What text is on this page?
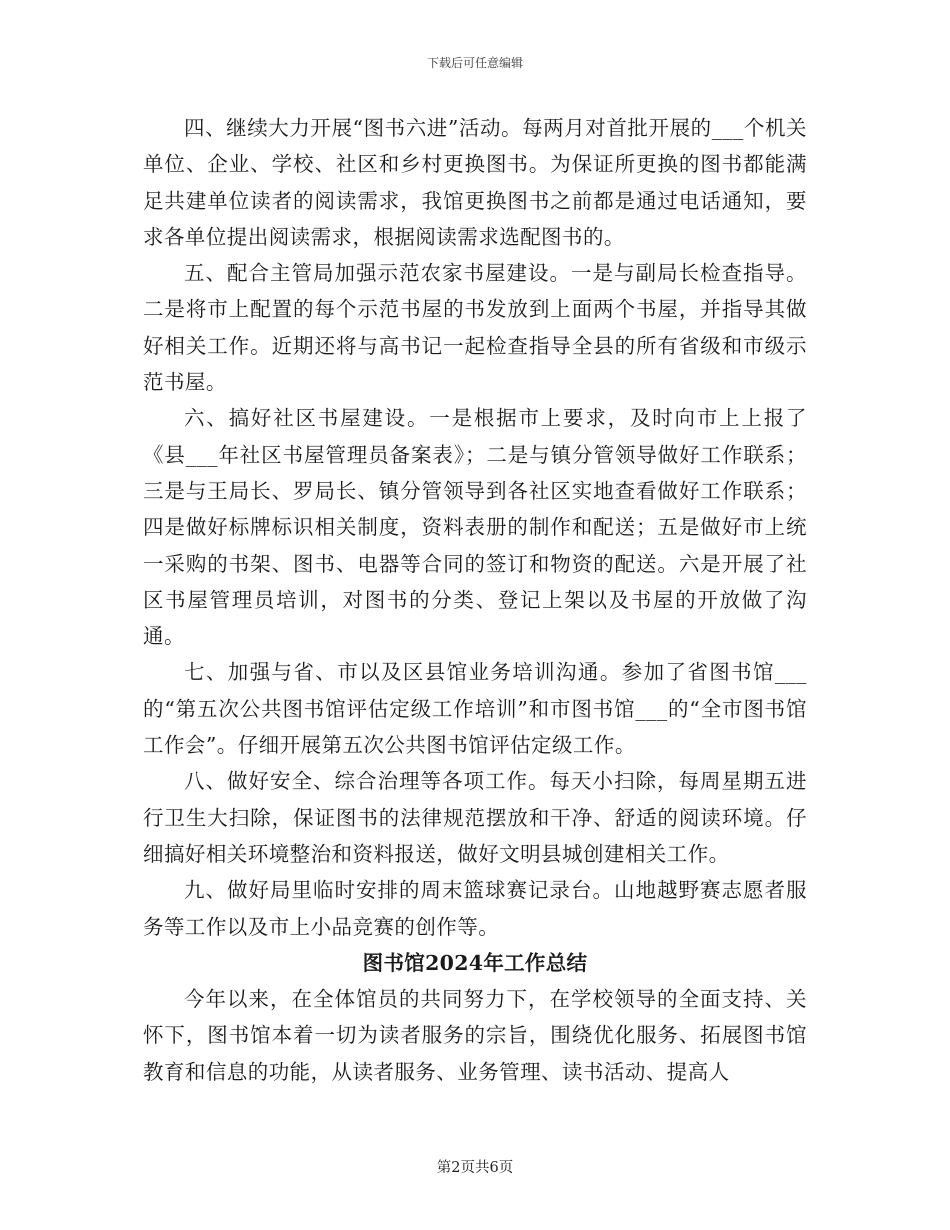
下载后可任意编辑

四、继续大力开展“图书六进”活动。每两月对首批开展的___个机关单位、企业、学校、社区和乡村更换图书。为保证所更换的图书都能满足共建单位读者的阅读需求，我馆更换图书之前都是通过电话通知，要求各单位提出阅读需求，根据阅读需求选配图书的。

五、配合主管局加强示范农家书屋建设。一是与副局长检查指导。二是将市上配置的每个示范书屋的书发放到上面两个书屋，并指导其做好相关工作。近期还将与高书记一起检查指导全县的所有省级和市级示范书屋。

六、搞好社区书屋建设。一是根据市上要求，及时向市上上报了《县___年社区书屋管理员备案表》；二是与镇分管领导做好工作联系；三是与王局长、罗局长、镇分管领导到各社区实地查看做好工作联系；四是做好标牌标识相关制度，资料表册的制作和配送；五是做好市上统一采购的书架、图书、电器等合同的签订和物资的配送。六是开展了社区书屋管理员培训，对图书的分类、登记上架以及书屋的开放做了沟通。

七、加强与省、市以及区县馆业务培训沟通。参加了省图书馆___的“第五次公共图书馆评估定级工作培训”和市图书馆___的“全市图书馆工作会”。仔细开展第五次公共图书馆评估定级工作。

八、做好安全、综合治理等各项工作。每天小扫除，每周星期五进行卫生大扫除，保证图书的法律规范摆放和干净、舒适的阅读环境。仔细搞好相关环境整治和资料报送，做好文明县城创建相关工作。

九、做好局里临时安排的周末篮球赛记录台。山地越野赛志愿者服务等工作以及市上小品竞赛的创作等。

图书馆2024年工作总结

今年以来，在全体馆员的共同努力下，在学校领导的全面支持、关怀下，图书馆本着一切为读者服务的宗旨，围绕优化服务、拓展图书馆教育和信息的功能，从读者服务、业务管理、读书活动、提高人

第2页共6页
